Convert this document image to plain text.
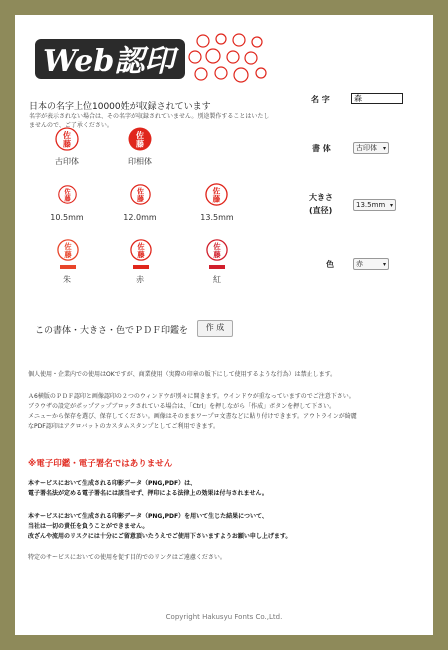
Web認印
日本の名字上位10000姓が収録されています
名字が表示されない場合は、その名字が収録されていません。別途製作することはいたしませんので、ご了承ください。
佐
藤
古印体
佐
藤
印相体
佐
藤
10.5mm
佐
藤
12.0mm
佐
藤
13.5mm
佐
藤
朱
佐
藤
赤
佐
藤
紅
名 字	森
書 体	古印体 ▾
大きさ
(直径)
13.5mm ▾
色	赤	▾
この書体・大きさ・色でＰＤＦ印鑑を	作 成
個人使用・企業内での使用はOKですが、商業使用（実際の印章の版下にして使用するような行為）は禁止します。
Ａ6横版のＰＤＦ認印と画像認印の２つのウィンドウが別々に開きます。ウインドウが重なっていますのでご注意下さい。
ブラウザの設定がポップアップブロックされている場合は、「Ctrl」を押しながら「作成」ボタンを押して下さい。
メニューから保存を選び、保存してください。画像はそのままワープロ文書などに貼り付けできます。アウトラインが綺麗
なPDF認印はアクロバットのカスタムスタンプとしてご利用できます。
※電子印鑑・電子署名ではありません
本サービスにおいて生成される印影データ（PNG,PDF）は、
電子署名法が定める電子署名には該当せず、押印による法律上の効果は付与されません。
本サービスにおいて生成される印影データ（PNG,PDF）を用いて生じた結果について、
当社は一切の責任を負うことができません。
改ざんや流用のリスクには十分にご留意頂いたうえでご使用下さいますようお願い申し上げます。
特定のサービスにおいての使用を促す目的でのリンクはご遠慮ください。
Copyright Hakusyu Fonts Co.,Ltd.
